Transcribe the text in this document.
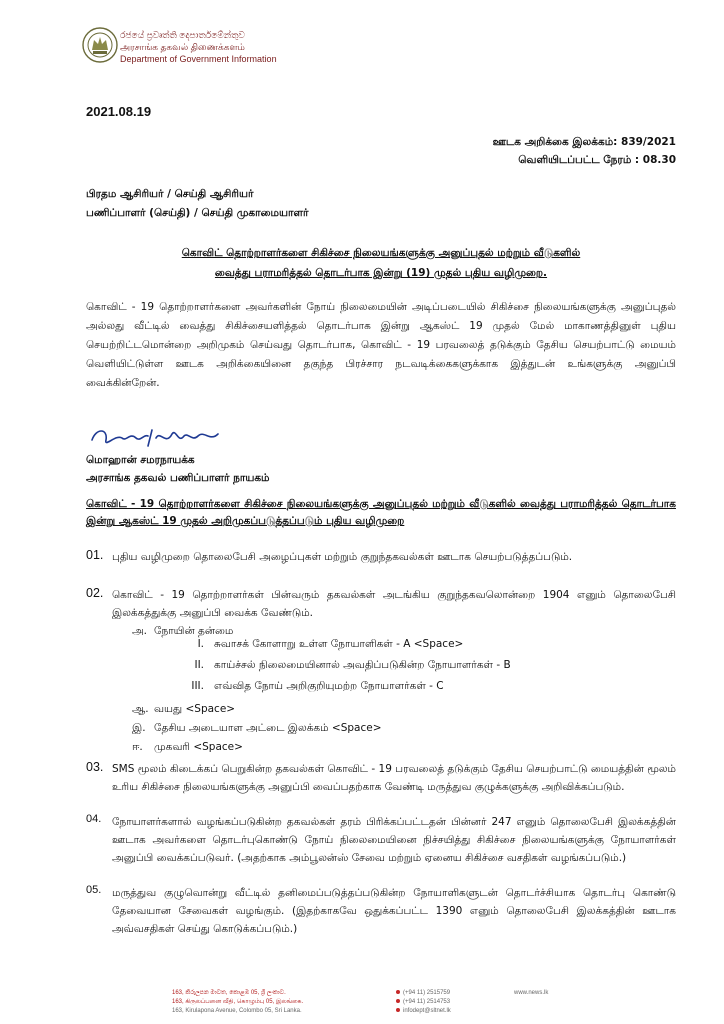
රජයේ ප්‍රවෘත්ති දෙපාර්තමේන්තුව
அரசாங்க தகவல் திணைக்களம்
Department of Government Information
2021.08.19
ஊடக அறிக்கை இலக்கம்: 839/2021
வெளியிடப்பட்ட நேரம் : 08.30
பிரதம ஆசிரியர் / செய்தி ஆசிரியர்
பணிப்பாளர் (செய்தி) / செய்தி முகாமையாளர்
கொவிட் தொற்றாளர்களை சிகிச்சை நிலையங்களுக்கு அனுப்புதல் மற்றும் வீடுகளில்
வைத்து பராமரித்தல் தொடர்பாக இன்று (19) முதல் புதிய வழிமுறை.
கொவிட் - 19 தொற்றாளர்களை அவர்களின் நோய் நிலைமையின் அடிப்படையில் சிகிச்சை நிலையங்களுக்கு அனுப்புதல் அல்லது வீட்டில் வைத்து சிகிச்சையளித்தல் தொடர்பாக இன்று ஆகஸ்ட் 19 முதல் மேல் மாகாணத்தினுள் புதிய செயற்றிட்டமொன்றை அறிமுகம் செய்வது தொடர்பாக, கொவிட் - 19 பரவலைத் தடுக்கும் தேசிய செயற்பாட்டு மையம் வெளியிட்டுள்ள ஊடக அறிக்கையினை தகுந்த பிரச்சார நடவடிக்கைகளுக்காக இத்துடன் உங்களுக்கு அனுப்பி வைக்கின்றேன்.
மொஹான் சமரநாயக்க
அரசாங்க தகவல் பணிப்பாளர் நாயகம்
கொவிட் - 19 தொற்றாளர்களை சிகிச்சை நிலையங்களுக்கு அனுப்புதல் மற்றும் வீடுகளில் வைத்து பராமரித்தல் தொடர்பாக இன்று ஆகஸ்ட் 19 முதல் அறிமுகப்படுத்தப்படும் புதிய வழிமுறை
01. புதிய வழிமுறை தொலைபேசி அழைப்புகள் மற்றும் குறுந்தகவல்கள் ஊடாக செயற்படுத்தப்படும்.
02. கொவிட் - 19 தொற்றாளர்கள் பின்வரும் தகவல்கள் அடங்கிய குறுந்தகவலொன்றை 1904 எனும் தொலைபேசி இலக்கத்துக்கு அனுப்பி வைக்க வேண்டும்.
அ. நோயின் தன்மை
I. சுவாசக் கோளாறு உள்ள நோயாளிகள் - A <Space>
II. காய்ச்சல் நிலைமையினால் அவதிப்படுகின்ற நோயாளர்கள் - B
III. எவ்வித நோய் அறிகுறியுமற்ற நோயாளர்கள் - C
ஆ. வயது <Space>
இ. தேசிய அடையாள அட்டை இலக்கம் <Space>
ஈ. முகவரி <Space>
03. SMS மூலம் கிடைக்கப் பெறுகின்ற தகவல்கள் கொவிட் - 19 பரவலைத் தடுக்கும் தேசிய செயற்பாட்டு மையத்தின் மூலம் உரிய சிகிச்சை நிலையங்களுக்கு அனுப்பி வைப்பதற்காக வேண்டி மருத்துவ குழுக்களுக்கு அறிவிக்கப்படும்.
04. நோயாளர்களால் வழங்கப்படுகின்ற தகவல்கள் தரம் பிரிக்கப்பட்டதன் பின்னர் 247 எனும் தொலைபேசி இலக்கத்தின் ஊடாக அவர்களை தொடர்புகொண்டு நோய் நிலைமையினை நிச்சயித்து சிகிச்சை நிலையங்களுக்கு நோயாளர்கள் அனுப்பி வைக்கப்படுவர். (அதற்காக அம்பூலன்ஸ் சேவை மற்றும் ஏனைய சிகிச்சை வசதிகள் வழங்கப்படும்.)
05. மருத்துவ குழுவொன்று வீட்டில் தனிமைப்படுத்தப்படுகின்ற நோயாளிகளுடன் தொடர்ச்சியாக தொடர்பு கொண்டு தேவையான சேவைகள் வழங்கும். (இதற்காகவே ஒதுக்கப்பட்ட 1390 எனும் தொலைபேசி இலக்கத்தின் ஊடாக அவ்வசதிகள் செய்து கொடுக்கப்படும்.)
163, කිරුලපන මාවත, කොළඹ 05, ශ්‍රී ලංකාව.
163, கிருலப்பனை வீதி, கொழும்பு 05, இலங்கை.
163, Kirulapona Avenue, Colombo 05, Sri Lanka.
(+94 11) 2515759
(+94 11) 2514753
infodept@sltnet.lk
www.news.lk
